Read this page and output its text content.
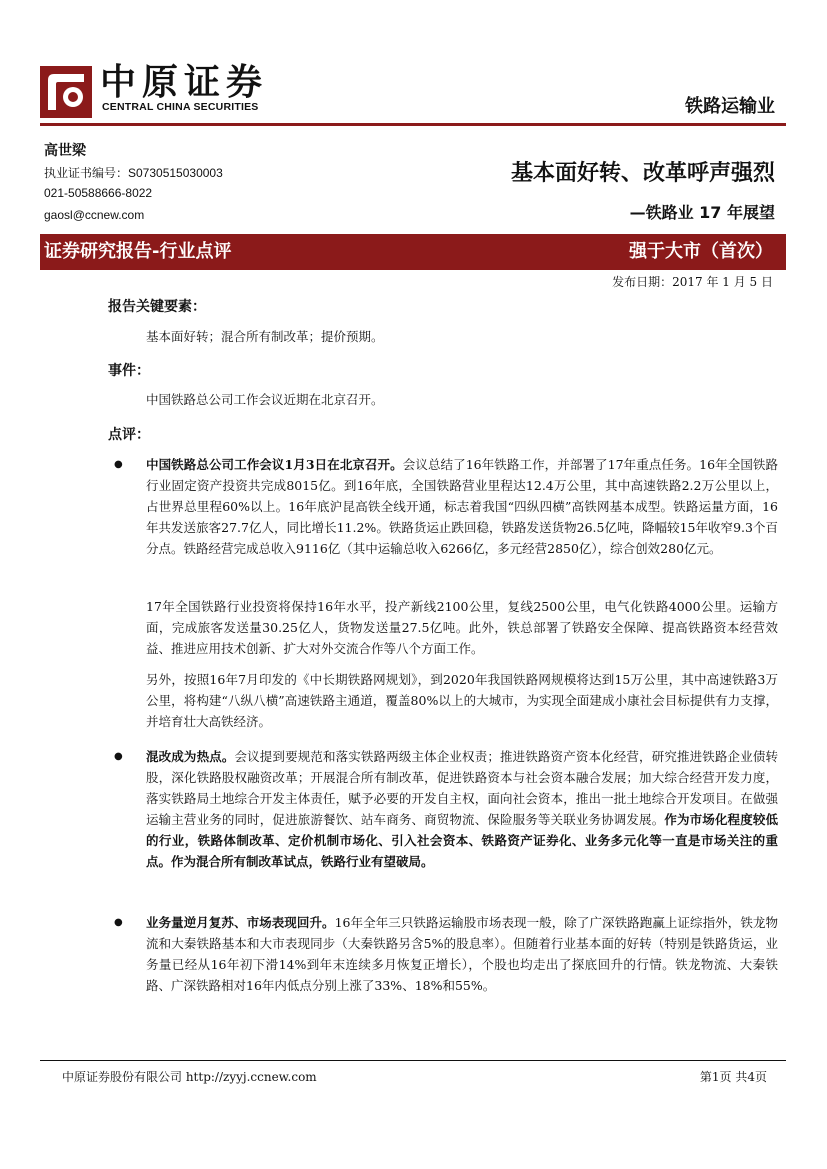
中原证券
CENTRAL CHINA SECURITIES	铁路运输业
高世梁
执业证书编号：S0730515030003
021-50588666-8022
gaosl@ccnew.com
基本面好转、改革呼声强烈
—铁路业 17 年展望
证券研究报告-行业点评	强于大市（首次）
发布日期：2017 年 1 月 5 日
报告关键要素：
基本面好转；混合所有制改革；提价预期。
事件：
中国铁路总公司工作会议近期在北京召开。
点评：
● 中国铁路总公司工作会议1月3日在北京召开。会议总结了16年铁路工作，并部署了17年重点任务。16年全国铁路行业固定资产投资共完成8015亿。到16年底，全国铁路营业里程达12.4万公里，其中高速铁路2.2万公里以上，占世界总里程60%以上。16年底沪昆高铁全线开通，标志着我国“四纵四横”高铁网基本成型。铁路运量方面，16年共发送旅客27.7亿人，同比增长11.2%。铁路货运止跌回稳，铁路发送货物26.5亿吨，降幅较15年收窄9.3个百分点。铁路经营完成总收入9116亿（其中运输总收入6266亿，多元经营2850亿），综合创效280亿元。
17年全国铁路行业投资将保持16年水平，投产新线2100公里，复线2500公里，电气化铁路4000公里。运输方面，完成旅客发送量30.25亿人，货物发送量27.5亿吨。此外，铁总部署了铁路安全保障、提高铁路资本经营效益、推进应用技术创新、扩大对外交流合作等八个方面工作。
另外，按照16年7月印发的《中长期铁路网规划》，到2020年我国铁路网规模将达到15万公里，其中高速铁路3万公里，将构建“八纵八横”高速铁路主通道，覆盖80%以上的大城市，为实现全面建成小康社会目标提供有力支撑，并培育壮大高铁经济。
● 混改成为热点。会议提到要规范和落实铁路两级主体企业权责；推进铁路资产资本化经营，研究推进铁路企业债转股，深化铁路股权融资改革；开展混合所有制改革，促进铁路资本与社会资本融合发展；加大综合经营开发力度，落实铁路局土地综合开发主体责任，赋予必要的开发自主权，面向社会资本，推出一批土地综合开发项目。在做强运输主营业务的同时，促进旅游餐饮、站车商务、商贸物流、保险服务等关联业务协调发展。作为市场化程度较低的行业，铁路体制改革、定价机制市场化、引入社会资本、铁路资产证券化、业务多元化等一直是市场关注的重点。作为混合所有制改革试点，铁路行业有望破局。
● 业务量逆月复苏、市场表现回升。16年全年三只铁路运输股市场表现一般，除了广深铁路跑赢上证综指外，铁龙物流和大秦铁路基本和大市表现同步（大秦铁路另含5%的股息率）。但随着行业基本面的好转（特别是铁路货运，业务量已经从16年初下滑14%到年末连续多月恢复正增长），个股也均走出了探底回升的行情。铁龙物流、大秦铁路、广深铁路相对16年内低点分别上涨了33%、18%和55%。
中原证券股份有限公司 http://zyyj.ccnew.com	第1页 共4页
